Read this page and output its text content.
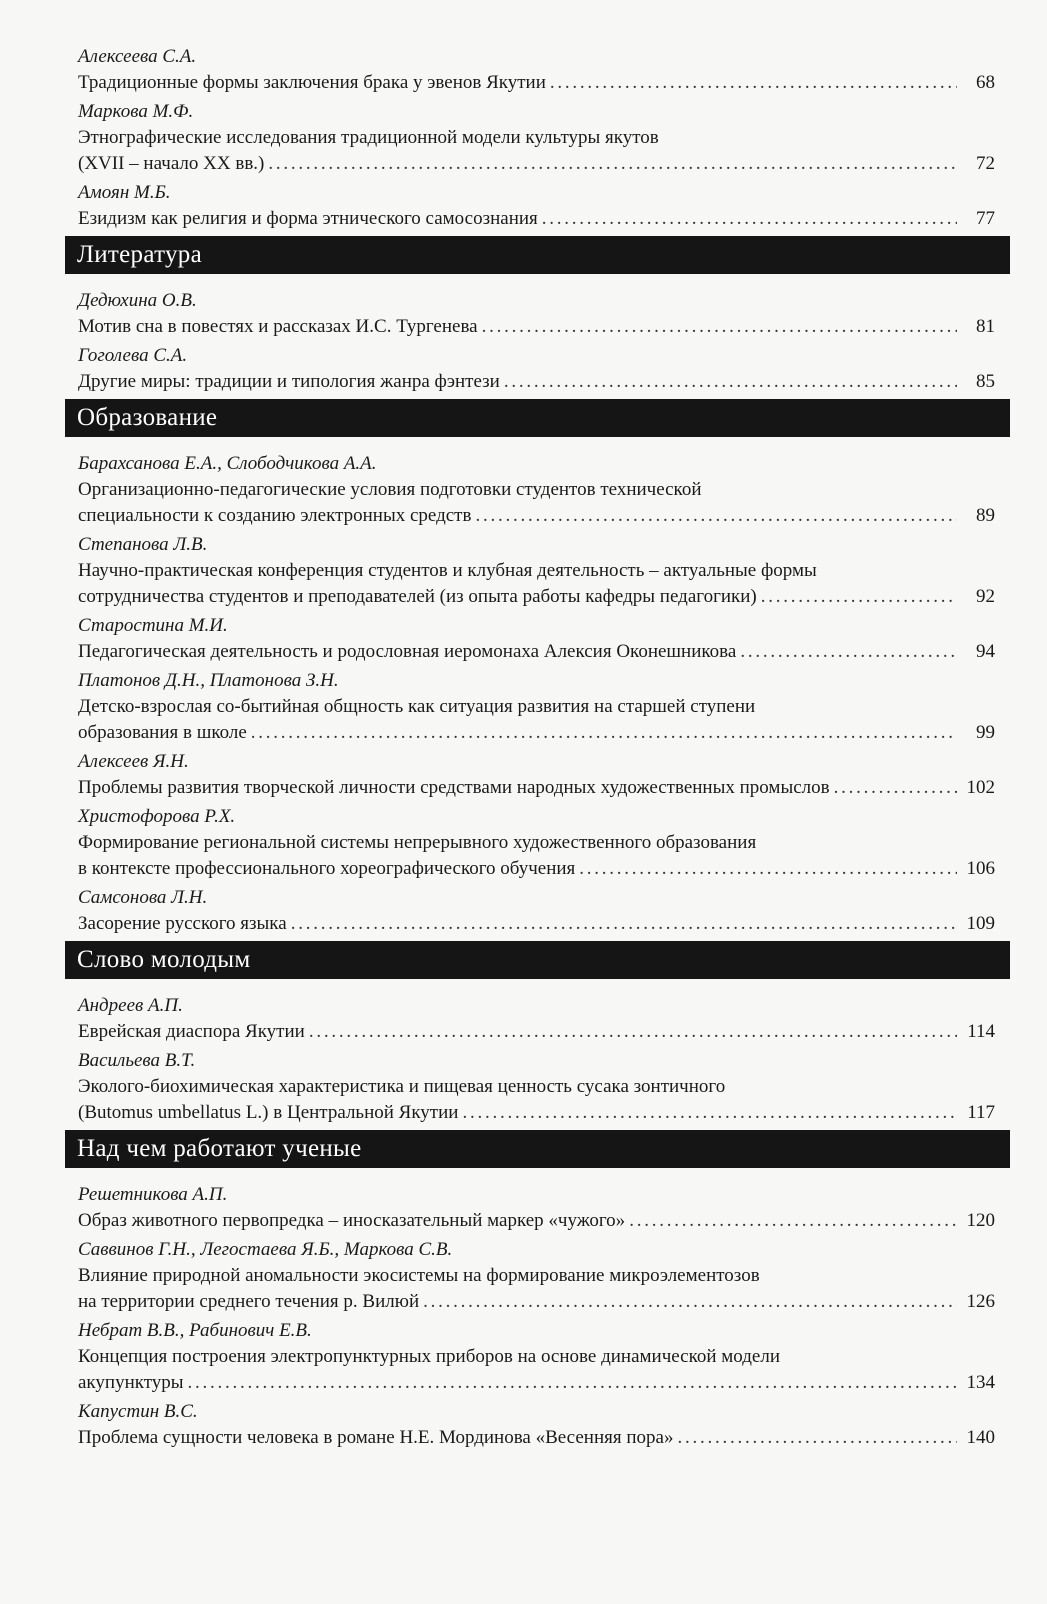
Алексеева С.А.
Традиционные формы заключения брака у эвенов Якутии . . .	68
Маркова М.Ф.
Этнографические исследования традиционной модели культуры якутов
(XVII – начало XX вв.) . . .	72
Амоян М.Б.
Езидизм как религия и форма этнического самосознания . . .	77
Литература
Дедюхина О.В.
Мотив сна в повестях и рассказах И.С. Тургенева . . .	81
Гоголева С.А.
Другие миры: традиции и типология жанра фэнтези . . .	85
Образование
Барахсанова Е.А., Слободчикова А.А.
Организационно-педагогические условия подготовки студентов технической
специальности к созданию электронных средств . . .	89
Степанова Л.В.
Научно-практическая конференция студентов и клубная деятельность – актуальные формы
сотрудничества студентов и преподавателей (из опыта работы кафедры педагогики) . . .	92
Старостина М.И.
Педагогическая деятельность и родословная иеромонаха Алексия Оконешникова . . .	94
Платонов Д.Н., Платонова З.Н.
Детско-взрослая со-бытийная общность как ситуация развития на старшей ступени
образования в школе . . .	99
Алексеев Я.Н.
Проблемы развития творческой личности средствами народных художественных промыслов . . .	102
Христофорова Р.Х.
Формирование региональной системы непрерывного художественного образования
в контексте профессионального хореографического обучения . . .	106
Самсонова Л.Н.
Засорение русского языка . . .	109
Слово молодым
Андреев А.П.
Еврейская диаспора Якутии . . .	114
Васильева В.Т.
Эколого-биохимическая характеристика и пищевая ценность сусака зонтичного
(Butomus umbellatus L.) в Центральной Якутии . . .	117
Над чем работают ученые
Решетникова А.П.
Образ животного первопредка – иносказательный маркер «чужого» . . .	120
Саввинов Г.Н., Легостаева Я.Б., Маркова С.В.
Влияние природной аномальности экосистемы на формирование микроэлементозов
на территории среднего течения р. Вилюй . . .	126
Небрат В.В., Рабинович Е.В.
Концепция построения электропунктурных приборов на основе динамической модели
акупунктуры . . .	134
Капустин В.С.
Проблема сущности человека в романе Н.Е. Мординова «Весенняя пора» . . .	140
